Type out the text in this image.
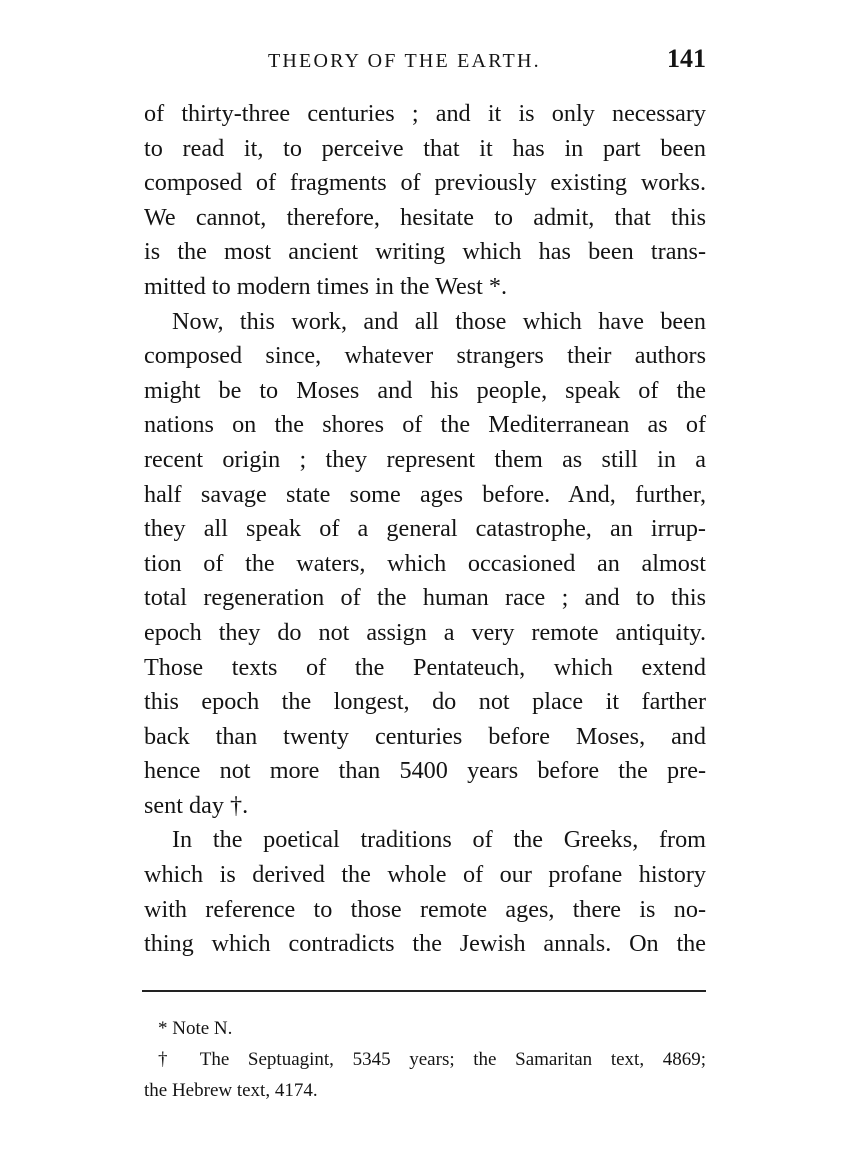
THEORY OF THE EARTH.	141
of thirty-three centuries ; and it is only necessary
to read it, to perceive that it has in part been
composed of fragments of previously existing works.
We cannot, therefore, hesitate to admit, that this
is the most ancient writing which has been trans-
mitted to modern times in the West *.
Now, this work, and all those which have been
composed since, whatever strangers their authors
might be to Moses and his people, speak of the
nations on the shores of the Mediterranean as of
recent origin ; they represent them as still in a
half savage state some ages before. And, further,
they all speak of a general catastrophe, an irrup-
tion of the waters, which occasioned an almost
total regeneration of the human race ; and to this
epoch they do not assign a very remote antiquity.
Those texts of the Pentateuch, which extend
this epoch the longest, do not place it farther
back than twenty centuries before Moses, and
hence not more than 5400 years before the pre-
sent day †.
In the poetical traditions of the Greeks, from
which is derived the whole of our profane history
with reference to those remote ages, there is no-
thing which contradicts the Jewish annals. On the
* Note N.
† The Septuagint, 5345 years; the Samaritan text, 4869;
the Hebrew text, 4174.
